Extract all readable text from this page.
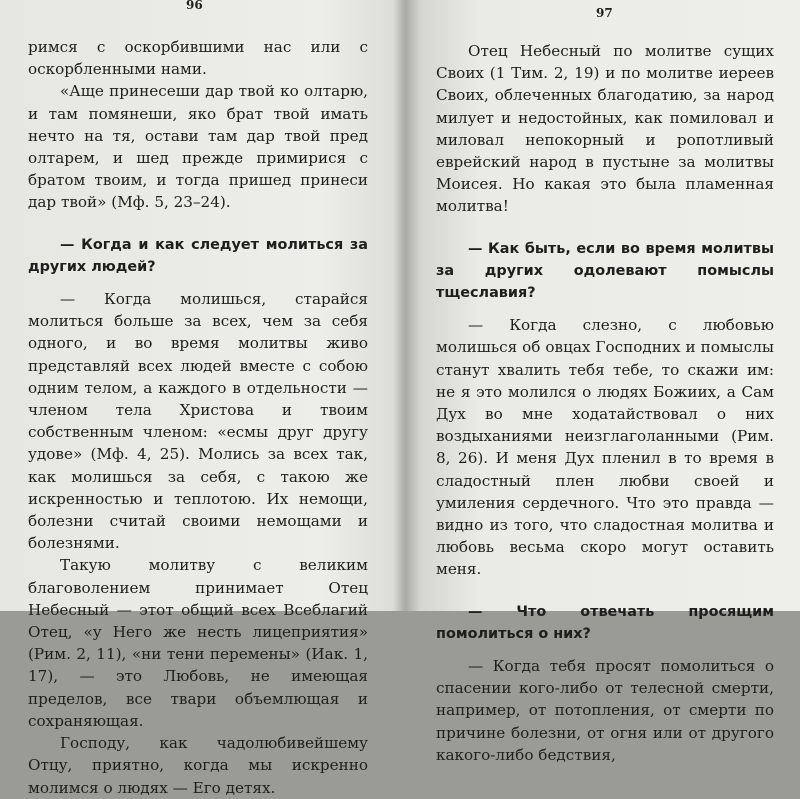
96

римся с оскорбившими нас или с оскорбленными нами.

«Аще принесеши дар твой ко олтарю, и там помянеши, яко брат твой имать нечто на тя, остави там дар твой пред олтарем, и шед прежде примирися с братом твоим, и тогда пришед принеси дар твой» (Мф. 5, 23–24).

— Когда и как следует молиться за других людей?

— Когда молишься, старайся молиться больше за всех, чем за себя одного, и во время молитвы живо представляй всех людей вместе с собою одним телом, а каждого в отдельности — членом тела Христова и твоим собственным членом: «есмы друг другу удове» (Мф. 4, 25). Молись за всех так, как молишься за себя, с такою же искренностью и теплотою. Их немощи, болезни считай своими немощами и болезнями.

Такую молитву с великим благоволением принимает Отец Небесный — этот общий всех Всеблагий Отец, «у Него же несть лицеприятия» (Рим. 2, 11), «ни тени перемены» (Иак. 1, 17), — это Любовь, не имеющая пределов, все твари объемлющая и сохраняющая.

Господу, как чадолюбивейшему Отцу, приятно, когда мы искренно молимся о людях — Его детях.

97

Отец Небесный по молитве сущих Своих (1 Тим. 2, 19) и по молитве иереев Своих, облеченных благодатию, за народ милует и недостойных, как помиловал и миловал непокорный и ропотливый еврейский народ в пустыне за молитвы Моисея. Но какая это была пламенная молитва!

— Как быть, если во время молитвы за других одолевают помыслы тщеславия?

— Когда слезно, с любовью молишься об овцах Господних и помыслы станут хвалить тебя тебе, то скажи им: не я это молился о людях Божиих, а Сам Дух во мне ходатайствовал о них воздыханиями неизглаголанными (Рим. 8, 26). И меня Дух пленил в то время в сладостный плен любви своей и умиления сердечного. Что это правда — видно из того, что сладостная молитва и любовь весьма скоро могут оставить меня.

— Что отвечать просящим помолиться о них?

— Когда тебя просят помолиться о спасении кого-либо от телесной смерти, например, от потопления, от смерти по причине болезни, от огня или от другого какого-либо бедствия,
